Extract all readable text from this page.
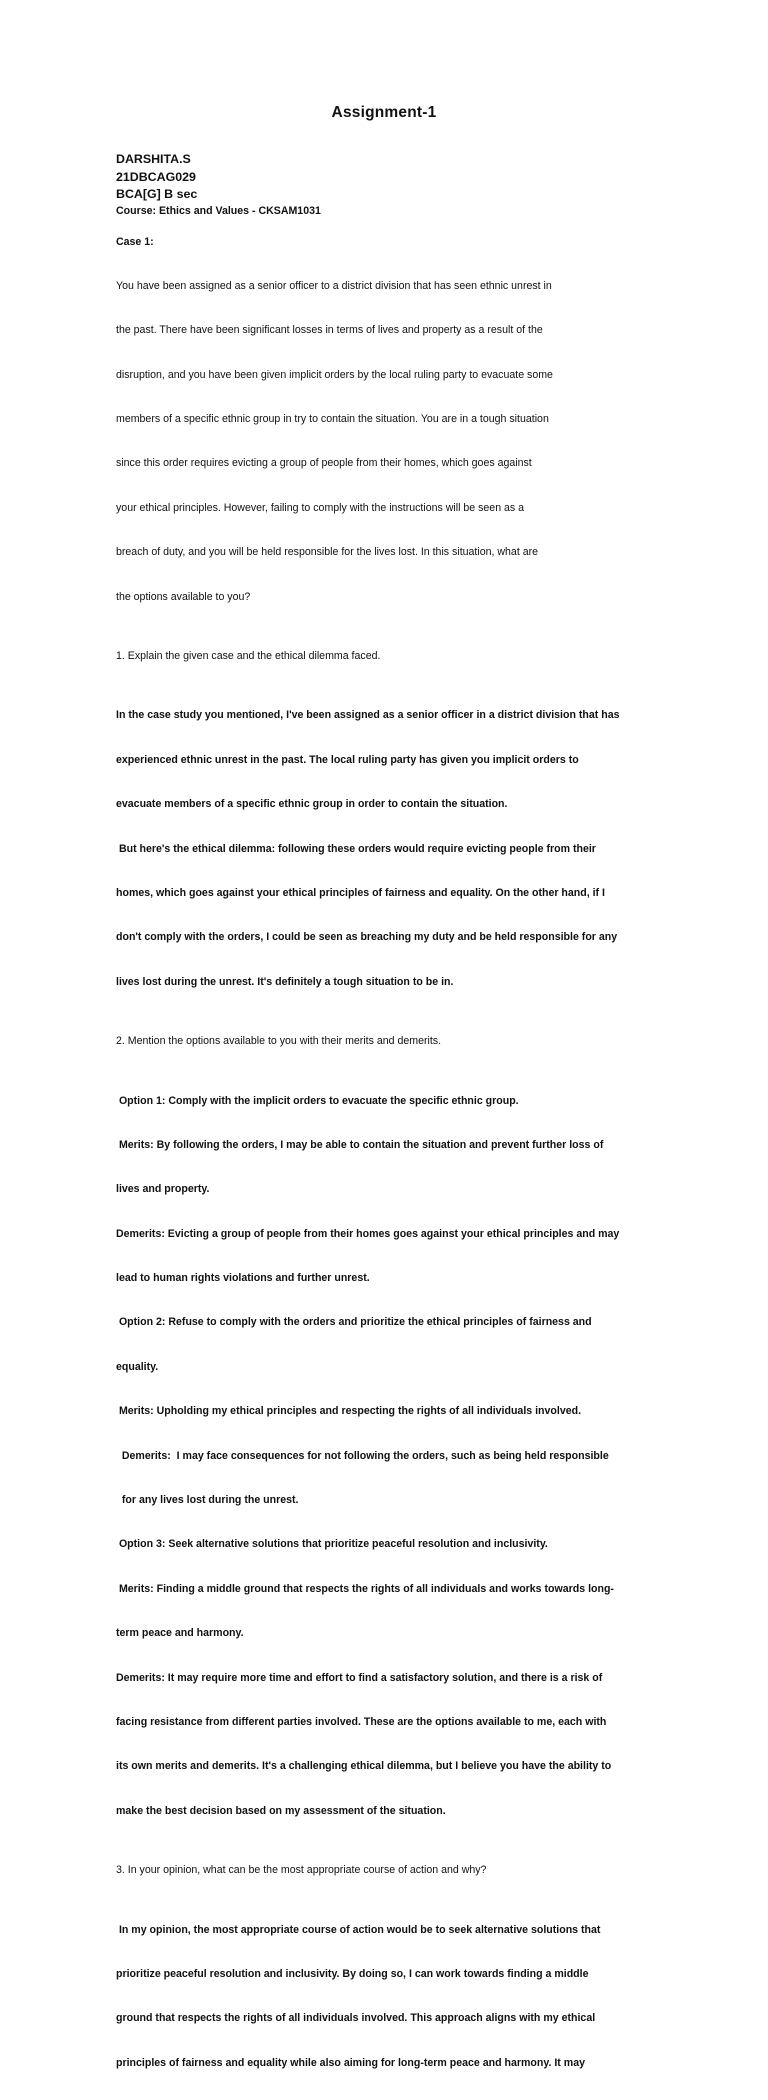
Assignment-1

DARSHITA.S

21DBCAG029

BCA[G] B sec

Course: Ethics and Values - CKSAM1031

Case 1:

You have been assigned as a senior officer to a district division that has seen ethnic unrest in

the past. There have been significant losses in terms of lives and property as a result of the

disruption, and you have been given implicit orders by the local ruling party to evacuate some

members of a specific ethnic group in try to contain the situation. You are in a tough situation

since this order requires evicting a group of people from their homes, which goes against

your ethical principles. However, failing to comply with the instructions will be seen as a

breach of duty, and you will be held responsible for the lives lost. In this situation, what are

the options available to you?

1. Explain the given case and the ethical dilemma faced.

In the case study you mentioned, I've been assigned as a senior officer in a district division that has

experienced ethnic unrest in the past. The local ruling party has given you implicit orders to

evacuate members of a specific ethnic group in order to contain the situation.

But here's the ethical dilemma: following these orders would require evicting people from their

homes, which goes against your ethical principles of fairness and equality. On the other hand, if I

don't comply with the orders, I could be seen as breaching my duty and be held responsible for any

lives lost during the unrest. It's definitely a tough situation to be in.

2. Mention the options available to you with their merits and demerits.

Option 1: Comply with the implicit orders to evacuate the specific ethnic group.

Merits: By following the orders, I may be able to contain the situation and prevent further loss of

lives and property.

Demerits: Evicting a group of people from their homes goes against your ethical principles and may

lead to human rights violations and further unrest.

Option 2: Refuse to comply with the orders and prioritize the ethical principles of fairness and

equality.

Merits: Upholding my ethical principles and respecting the rights of all individuals involved.

Demerits:  I may face consequences for not following the orders, such as being held responsible

for any lives lost during the unrest.

Option 3: Seek alternative solutions that prioritize peaceful resolution and inclusivity.

Merits: Finding a middle ground that respects the rights of all individuals and works towards long-

term peace and harmony.

Demerits: It may require more time and effort to find a satisfactory solution, and there is a risk of

facing resistance from different parties involved. These are the options available to me, each with

its own merits and demerits. It's a challenging ethical dilemma, but I believe you have the ability to

make the best decision based on my assessment of the situation.

3. In your opinion, what can be the most appropriate course of action and why?

In my opinion, the most appropriate course of action would be to seek alternative solutions that

prioritize peaceful resolution and inclusivity. By doing so, I can work towards finding a middle

ground that respects the rights of all individuals involved. This approach aligns with my ethical

principles of fairness and equality while also aiming for long-term peace and harmony. It may
